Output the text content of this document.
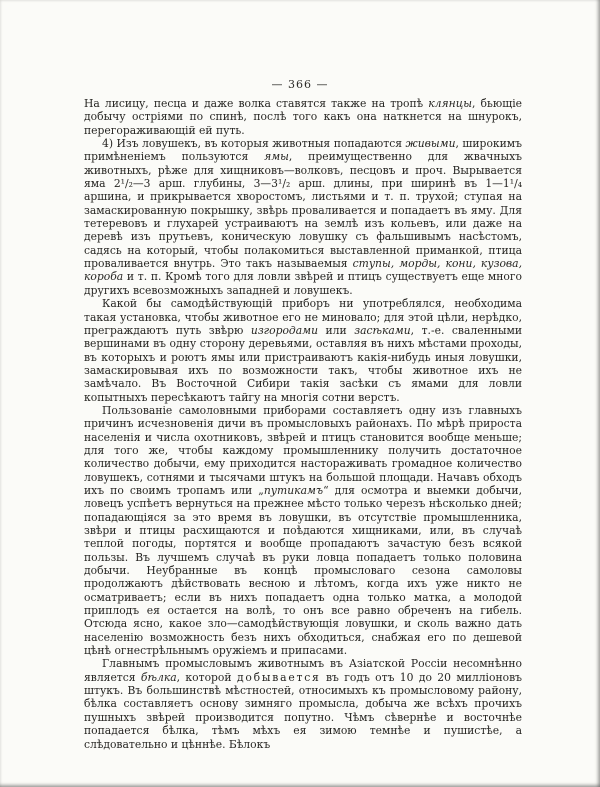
— 366 —

На лисицу, песца и даже волка ставятся также на тропѣ клянцы, бьющіе добычу остріями по спинѣ, послѣ того какъ она наткнется на шнурокъ, перегораживающій ей путь.

4) Изъ ловушекъ, въ которыя животныя попадаются живыми, широкимъ примѣненіемъ пользуются ямы, преимущественно для жвачныхъ животныхъ, рѣже для хищниковъ—волковъ, песцовъ и проч. Вырывается яма 2¹/₂—3 арш. глубины, 3—3¹/₂ арш. длины, при ширинѣ въ 1—1¹/₄ аршина, и прикрывается хворостомъ, листьями и т. п. трухой; ступая на замаскированную покрышку, звѣрь проваливается и попадаетъ въ яму. Для тетеревовъ и глухарей устраиваютъ на землѣ изъ кольевъ, или даже на деревѣ изъ прутьевъ, коническую ловушку съ фальшивымъ насѣстомъ, садясь на который, чтобы полакомиться выставленной приманкой, птица проваливается внутрь. Это такъ называемыя ступы, морды, кони, кузова, короба и т. п. Кромѣ того для ловли звѣрей и птицъ существуетъ еще много другихъ всевозможныхъ западней и ловушекъ.

Какой бы самодѣйствующій приборъ ни употреблялся, необходима такая установка, чтобы животное его не миновало; для этой цѣли, нерѣдко, преграждаютъ путь звѣрю изгородами или засѣками, т.-е. сваленными вершинами въ одну сторону деревьями, оставляя въ нихъ мѣстами проходы, въ которыхъ и роютъ ямы или пристраиваютъ какія-нибудь иныя ловушки, замаскировывая ихъ по возможности такъ, чтобы животное ихъ не замѣчало. Въ Восточной Сибири такія засѣки съ ямами для ловли копытныхъ пересѣкаютъ тайгу на многія сотни верстъ.

Пользованіе самоловными приборами составляетъ одну изъ главныхъ причинъ исчезновенія дичи въ промысловыхъ районахъ. По мѣрѣ прироста населенія и числа охотниковъ, звѣрей и птицъ становится вообще меньше; для того же, чтобы каждому промышленнику получить достаточное количество добычи, ему приходится настораживать громадное количество ловушекъ, сотнями и тысячами штукъ на большой площади. Начавъ обходъ ихъ по своимъ тропамъ или „путикамъ“ для осмотра и выемки добычи, ловецъ успѣетъ вернуться на прежнее мѣсто только черезъ нѣсколько дней; попадающіяся за это время въ ловушки, въ отсутствіе промышленника, звѣри и птицы расхищаются и поѣдаются хищниками, или, въ случаѣ теплой погоды, портятся и вообще пропадаютъ зачастую безъ всякой пользы. Въ лучшемъ случаѣ въ руки ловца попадаетъ только половина добычи. Неубранные въ концѣ промысловаго сезона самоловы продолжаютъ дѣйствовать весною и лѣтомъ, когда ихъ уже никто не осматриваетъ; если въ нихъ попадаетъ одна только матка, а молодой приплодъ ея остается на волѣ, то онъ все равно обреченъ на гибель. Отсюда ясно, какое зло—самодѣйствующія ловушки, и сколь важно дать населенію возможность безъ нихъ обходиться, снабжая его по дешевой цѣнѣ огнестрѣльнымъ оружіемъ и припасами.

Главнымъ промысловымъ животнымъ въ Азіатской Россіи несомнѣнно является бѣлка, которой добывается въ годъ отъ 10 до 20 милліоновъ штукъ. Въ большинствѣ мѣстностей, относимыхъ къ промысловому району, бѣлка составляетъ основу зимняго промысла, добыча же всѣхъ прочихъ пушныхъ звѣрей производится попутно. Чѣмъ сѣвернѣе и восточнѣе попадается бѣлка, тѣмъ мѣхъ ея зимою темнѣе и пушистѣе, а слѣдовательно и цѣннѣе. Бѣлокъ
